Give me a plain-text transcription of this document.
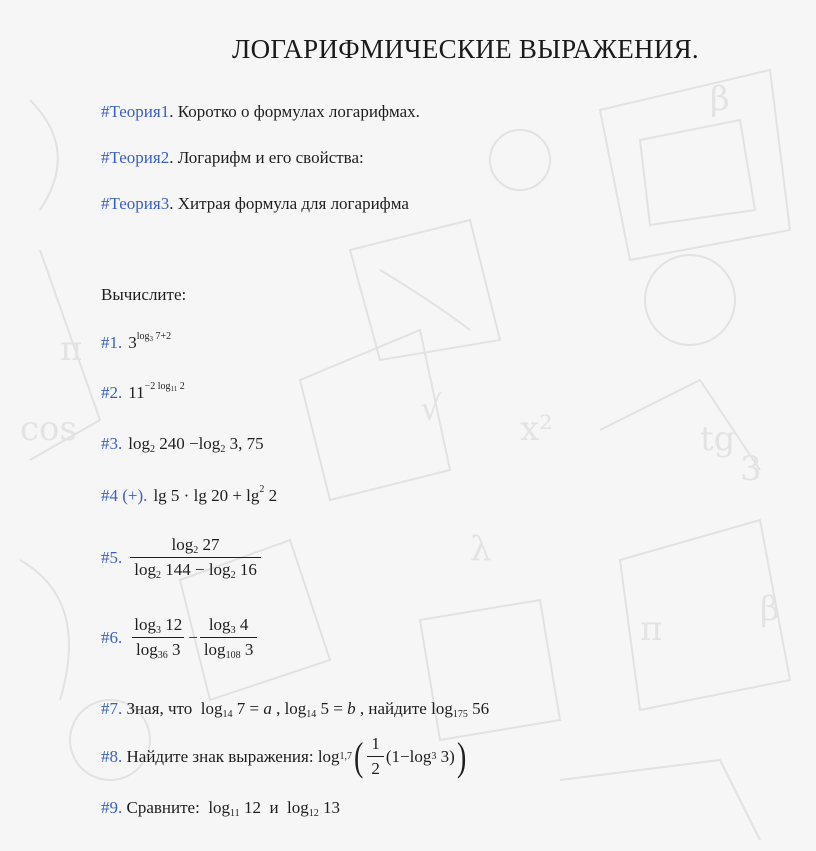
β
λ
π	β
π
√
tg
cos	x²
3
ЛОГАРИФМИЧЕСКИЕ ВЫРАЖЕНИЯ.
#Теория1 . Коротко о формулах логарифмах.
#Теория2 . Логарифм и его свойства:
#Теория3 . Хитрая формула для логарифма
Вычислите:
#1. $3^{log_3 7+2}$
#2. $11^{-2 log_{11} 2}$
#3. $\log_2 240 -\log_2$ 3, 75
#4 ( + ). $\lg 5 \cdot \lg 20 + \lg^2 2$
#5. $\frac{\log_2 27}{\log_2 144 - \log_2 16}$
#6. $\frac{\log_3 12}{\log_{36} 3} - \frac{\log_3 4}{\log_{108} 3}$
#7.
Зная, что
$\log_{14} 7 = a$ , $\log_{14} 5 = b$ , найдите $\log_{175} 56$
#8.
Найдите знак выражения:
log 1,7 ( $\frac{1}{2}$ ( 1 − log 3
3 ) )
#9.
Сравните:
$\log_{11} 12$ и $\log_{12} 13$
